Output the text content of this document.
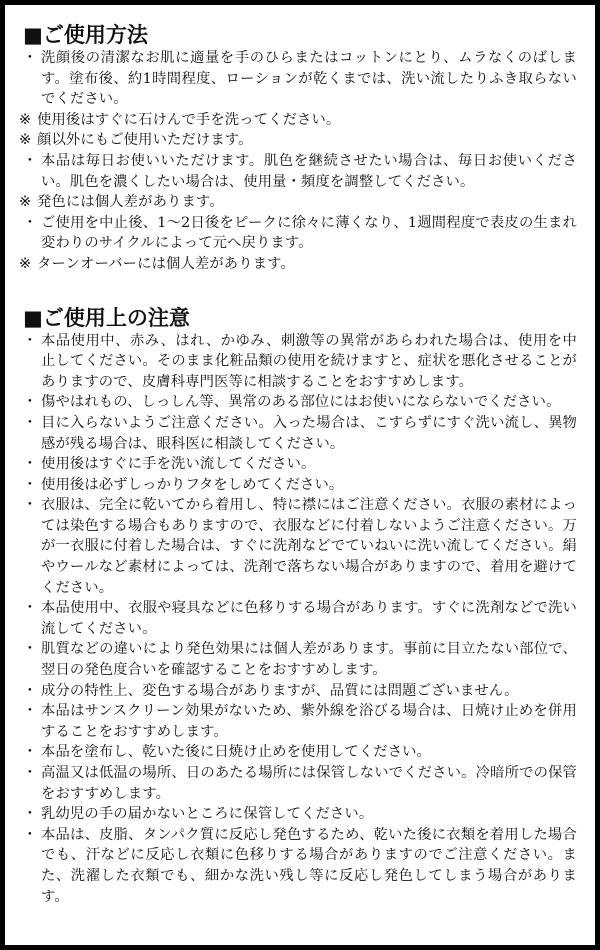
■ご使用方法
・ 洗顔後の清潔なお肌に適量を手のひらまたはコットンにとり、ムラなくのばします。塗布後、約1時間程度、ローションが乾くまでは、洗い流したりふき取らないでください。
※ 使用後はすぐに石けんで手を洗ってください。
※ 顔以外にもご使用いただけます。
・ 本品は毎日お使いいただけます。肌色を継続させたい場合は、毎日お使いください。肌色を濃くしたい場合は、使用量・頻度を調整してください。
※ 発色には個人差があります。
・ ご使用を中止後、1〜2日後をピークに徐々に薄くなり、1週間程度で表皮の生まれ変わりのサイクルによって元へ戻ります。
※ ターンオーバーには個人差があります。
■ご使用上の注意
・ 本品使用中、赤み、はれ、かゆみ、刺激等の異常があらわれた場合は、使用を中止してください。そのまま化粧品類の使用を続けますと、症状を悪化させることがありますので、皮膚科専門医等に相談することをおすすめします。
・ 傷やはれもの、しっしん等、異常のある部位にはお使いにならないでください。
・ 目に入らないようご注意ください。入った場合は、こすらずにすぐ洗い流し、異物感が残る場合は、眼科医に相談してください。
・ 使用後はすぐに手を洗い流してください。
・ 使用後は必ずしっかりフタをしめてください。
・ 衣服は、完全に乾いてから着用し、特に襟にはご注意ください。衣服の素材によっては染色する場合もありますので、衣服などに付着しないようご注意ください。万が一衣服に付着した場合は、すぐに洗剤などでていねいに洗い流してください。絹やウールなど素材によっては、洗剤で落ちない場合がありますので、着用を避けてください。
・ 本品使用中、衣服や寝具などに色移りする場合があります。すぐに洗剤などで洗い流してください。
・ 肌質などの違いにより発色効果には個人差があります。事前に目立たない部位で、翌日の発色度合いを確認することをおすすめします。
・ 成分の特性上、変色する場合がありますが、品質には問題ございません。
・ 本品はサンスクリーン効果がないため、紫外線を浴びる場合は、日焼け止めを併用することをおすすめします。
・ 本品を塗布し、乾いた後に日焼け止めを使用してください。
・ 高温又は低温の場所、日のあたる場所には保管しないでください。冷暗所での保管をおすすめします。
・ 乳幼児の手の届かないところに保管してください。
・ 本品は、皮脂、タンパク質に反応し発色するため、乾いた後に衣類を着用した場合でも、汗などに反応し衣類に色移りする場合がありますのでご注意ください。また、洗濯した衣類でも、細かな洗い残し等に反応し発色してしまう場合があります。
